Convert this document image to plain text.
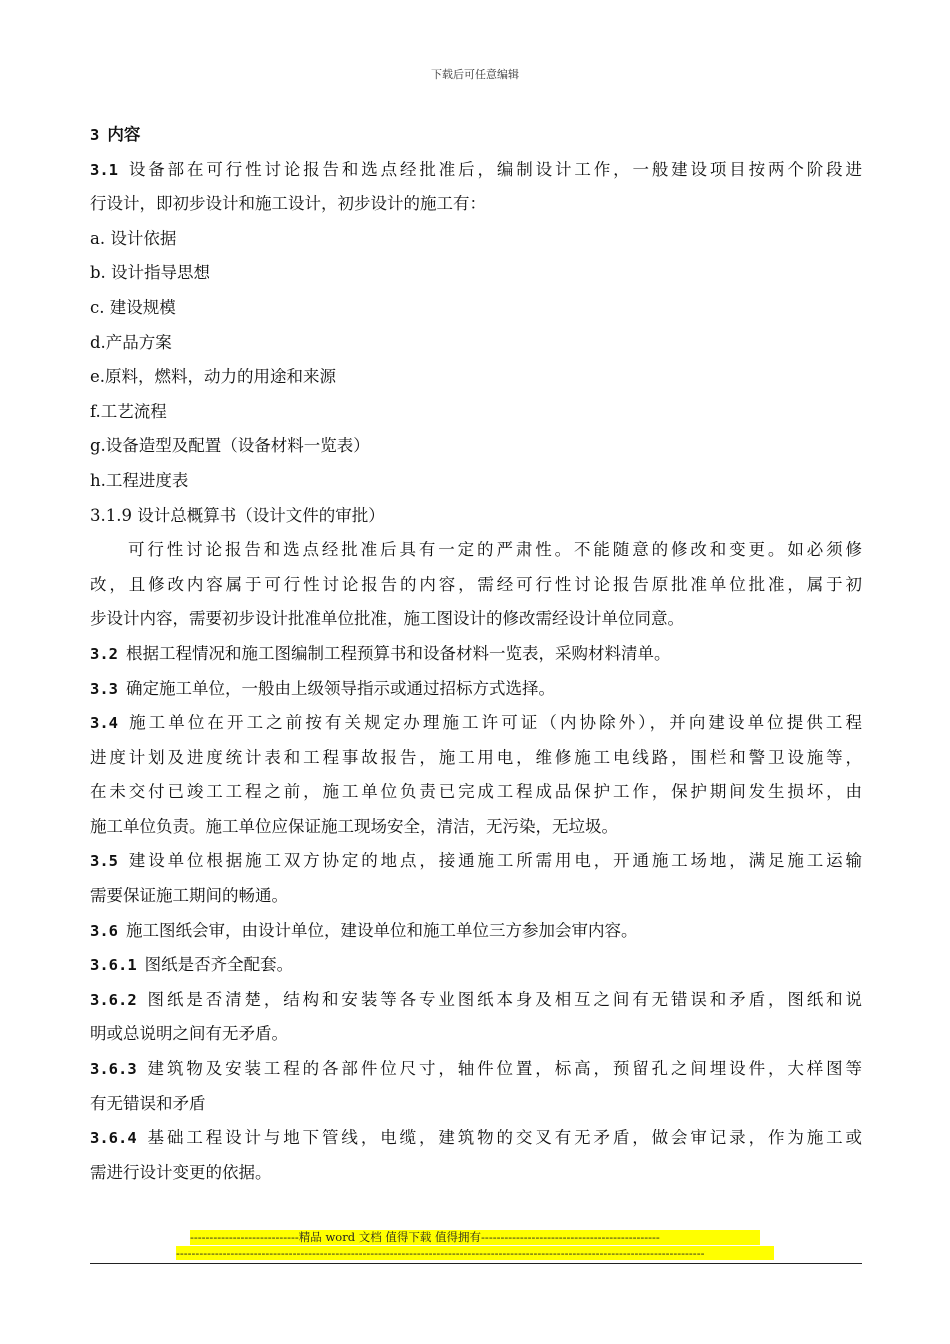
下载后可任意编辑
3 内容
3.1 设备部在可行性讨论报告和选点经批准后，编制设计工作，一般建设项目按两个阶段进
行设计，即初步设计和施工设计，初步设计的施工有：
a. 设计依据
b. 设计指导思想
c. 建设规模
d.产品方案
e.原料，燃料，动力的用途和来源
f.工艺流程
g.设备造型及配置（设备材料一览表）
h.工程进度表
3.1.9 设计总概算书（设计文件的审批）
可行性讨论报告和选点经批准后具有一定的严肃性。不能随意的修改和变更。如必须修
改，且修改内容属于可行性讨论报告的内容，需经可行性讨论报告原批准单位批准，属于初
步设计内容，需要初步设计批准单位批准，施工图设计的修改需经设计单位同意。
3.2 根据工程情况和施工图编制工程预算书和设备材料一览表，采购材料清单。
3.3 确定施工单位，一般由上级领导指示或通过招标方式选择。
3.4 施工单位在开工之前按有关规定办理施工许可证（内协除外），并向建设单位提供工程
进度计划及进度统计表和工程事故报告，施工用电，维修施工电线路，围栏和警卫设施等，
在未交付已竣工工程之前，施工单位负责已完成工程成品保护工作，保护期间发生损坏，由
施工单位负责。施工单位应保证施工现场安全，清洁，无污染，无垃圾。
3.5 建设单位根据施工双方协定的地点，接通施工所需用电，开通施工场地，满足施工运输
需要保证施工期间的畅通。
3.6 施工图纸会审，由设计单位，建设单位和施工单位三方参加会审内容。
3.6.1 图纸是否齐全配套。
3.6.2 图纸是否清楚，结构和安装等各专业图纸本身及相互之间有无错误和矛盾，图纸和说
明或总说明之间有无矛盾。
3.6.3 建筑物及安装工程的各部件位尺寸，轴件位置，标高，预留孔之间埋设件，大样图等
有无错误和矛盾
3.6.4 基础工程设计与地下管线，电缆，建筑物的交叉有无矛盾，做会审记录，作为施工或
需进行设计变更的依据。
----------------------------精品 word 文档 值得下载 值得拥有----------------------------------------------
----------------------------------------------------------------------------------------------------------------------------------------
